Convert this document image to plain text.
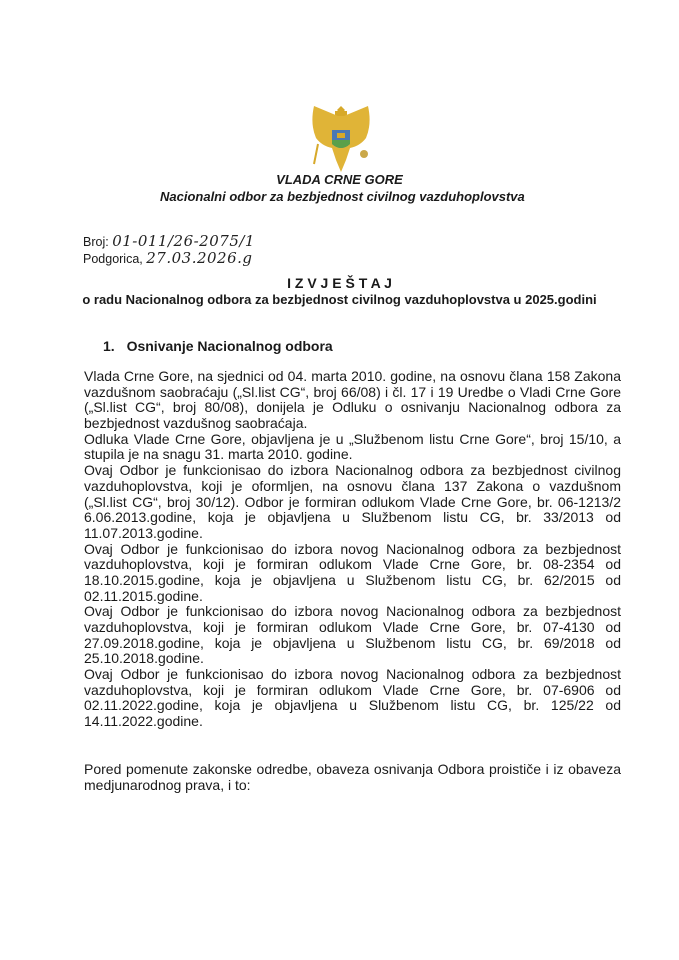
VLADA CRNE GORE
Nacionalni odbor za bezbjednost civilnog vazduhoplovstva
Broj: 01-011/26-2075/1
Podgorica, 27.03.2026.g
I Z V J E Š T A J
o radu Nacionalnog odbora za bezbjednost civilnog vazduhoplovstva u 2025.godini
1. Osnivanje Nacionalnog odbora
Vlada Crne Gore, na sjednici od 04. marta 2010. godine, na osnovu člana 158 Zakona
vazdušnom saobraćaju („Sl.list CG“, broj 66/08) i čl. 17 i 19 Uredbe o Vladi Crne Gore
(„Sl.list CG“, broj 80/08), donijela je Odluku o osnivanju Nacionalnog odbora za
bezbjednost vazdušnog saobraćaja.
Odluka Vlade Crne Gore, objavljena je u „Službenom listu Crne Gore“, broj 15/10, a
stupila je na snagu 31. marta 2010. godine.
Ovaj Odbor je funkcionisao do izbora Nacionalnog odbora za bezbjednost civilnog
vazduhoplovstva, koji je oformljen, na osnovu člana 137 Zakona o vazdušnom
(„Sl.list CG“, broj 30/12). Odbor je formiran odlukom Vlade Crne Gore, br. 06-1213/2
6.06.2013.godine, koja je objavljena u Službenom listu CG, br. 33/2013 od
11.07.2013.godine.
Ovaj Odbor je funkcionisao do izbora novog Nacionalnog odbora za bezbjednost
vazduhoplovstva, koji je formiran odlukom Vlade Crne Gore, br. 08-2354 od
18.10.2015.godine, koja je objavljena u Službenom listu CG, br. 62/2015 od
02.11.2015.godine.
Ovaj Odbor je funkcionisao do izbora novog Nacionalnog odbora za bezbjednost
vazduhoplovstva, koji je formiran odlukom Vlade Crne Gore, br. 07-4130 od
27.09.2018.godine, koja je objavljena u Službenom listu CG, br. 69/2018 od
25.10.2018.godine.
Ovaj Odbor je funkcionisao do izbora novog Nacionalnog odbora za bezbjednost
vazduhoplovstva, koji je formiran odlukom Vlade Crne Gore, br. 07-6906 od
02.11.2022.godine, koja je objavljena u Službenom listu CG, br. 125/22 od
14.11.2022.godine.
Pored pomenute zakonske odredbe, obaveza osnivanja Odbora proističe i iz obaveza
medjunarodnog prava, i to:
